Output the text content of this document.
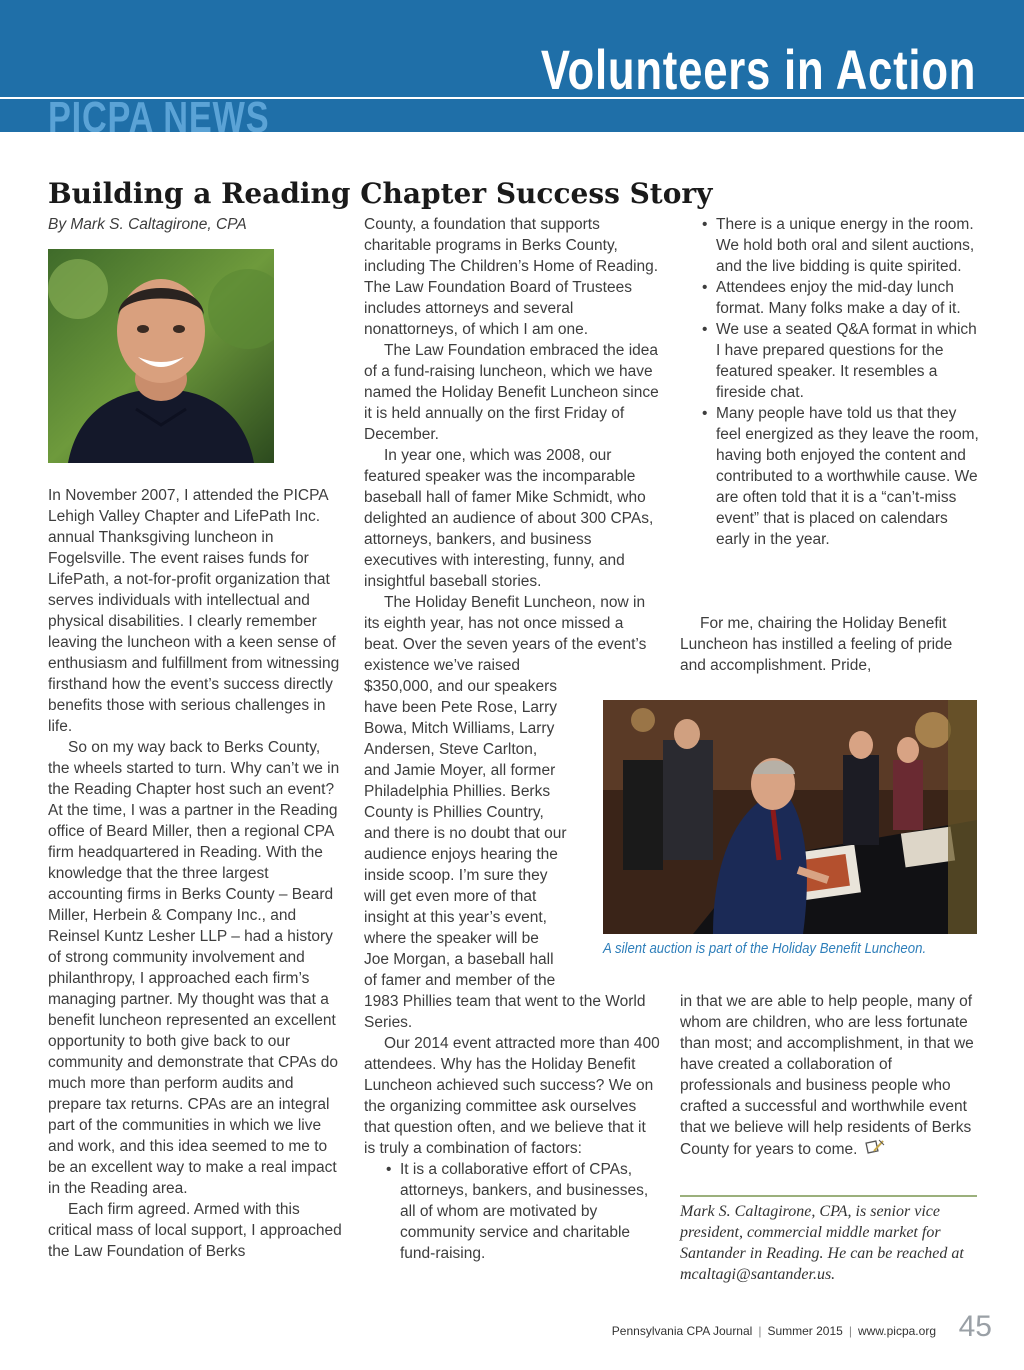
Volunteers in Action
PICPA NEWS
Building a Reading Chapter Success Story

By Mark S. Caltagirone, CPA

In November 2007, I attended the PICPA Lehigh Valley Chapter and LifePath Inc. annual Thanksgiving luncheon in Fogelsville. The event raises funds for LifePath, a not-for-profit organization that serves individuals with intellectual and physical disabilities. I clearly remember leaving the luncheon with a keen sense of enthusiasm and fulfillment from witnessing firsthand how the event’s success directly benefits those with serious challenges in life.

So on my way back to Berks County, the wheels started to turn. Why can’t we in the Reading Chapter host such an event? At the time, I was a partner in the Reading office of Beard Miller, then a regional CPA firm headquartered in Reading. With the knowledge that the three largest accounting firms in Berks County – Beard Miller, Herbein & Company Inc., and Reinsel Kuntz Lesher LLP – had a history of strong community involvement and philanthropy, I approached each firm’s managing partner. My thought was that a benefit luncheon represented an excellent opportunity to both give back to our community and demonstrate that CPAs do much more than perform audits and prepare tax returns. CPAs are an integral part of the communities in which we live and work, and this idea seemed to me to be an excellent way to make a real impact in the Reading area.

Each firm agreed. Armed with this critical mass of local support, I approached the Law Foundation of Berks

County, a foundation that supports charitable programs in Berks County, including The Children’s Home of Reading. The Law Foundation Board of Trustees includes attorneys and several nonattorneys, of which I am one.

The Law Foundation embraced the idea of a fund-raising luncheon, which we have named the Holiday Benefit Luncheon since it is held annually on the first Friday of December.

In year one, which was 2008, our featured speaker was the incomparable baseball hall of famer Mike Schmidt, who delighted an audience of about 300 CPAs, attorneys, bankers, and business executives with interesting, funny, and insightful baseball stories.

The Holiday Benefit Luncheon, now in its eighth year, has not once missed a beat. Over the seven years of the event’s existence we’ve raised

$350,000, and our speakers
have been Pete Rose, Larry
Bowa, Mitch Williams, Larry
Andersen, Steve Carlton,
and Jamie Moyer, all former
Philadelphia Phillies. Berks
County is Phillies Country,
and there is no doubt that our
audience enjoys hearing the
inside scoop. I’m sure they
will get even more of that
insight at this year’s event,
where the speaker will be
Joe Morgan, a baseball hall
of famer and member of the

1983 Phillies team that went to the World Series.

Our 2014 event attracted more than 400 attendees. Why has the Holiday Benefit Luncheon achieved such success? We on the organizing committee ask ourselves that question often, and we believe that it is truly a combination of factors:

• It is a collaborative effort of CPAs, attorneys, bankers, and businesses, all of whom are motivated by community service and charitable fund-raising.

• There is a unique energy in the room. We hold both oral and silent auctions, and the live bidding is quite spirited.

• Attendees enjoy the mid-day lunch format. Many folks make a day of it.

• We use a seated Q&A format in which I have prepared questions for the featured speaker. It resembles a fireside chat.

• Many people have told us that they feel energized as they leave the room, having both enjoyed the content and contributed to a worthwhile cause. We are often told that it is a “can’t-miss event” that is placed on calendars early in the year.

For me, chairing the Holiday Benefit Luncheon has instilled a feeling of pride and accomplishment. Pride,

A silent auction is part of the Holiday Benefit Luncheon.

in that we are able to help people, many of whom are children, who are less fortunate than most; and accomplishment, in that we have created a collaboration of professionals and business people who crafted a successful and worthwhile event that we believe will help residents of Berks County for years to come.

Mark S. Caltagirone, CPA, is senior vice president, commercial middle market for Santander in Reading. He can be reached at mcaltagi@santander.us.
Pennsylvania CPA Journal | Summer 2015 | www.picpa.org 45
